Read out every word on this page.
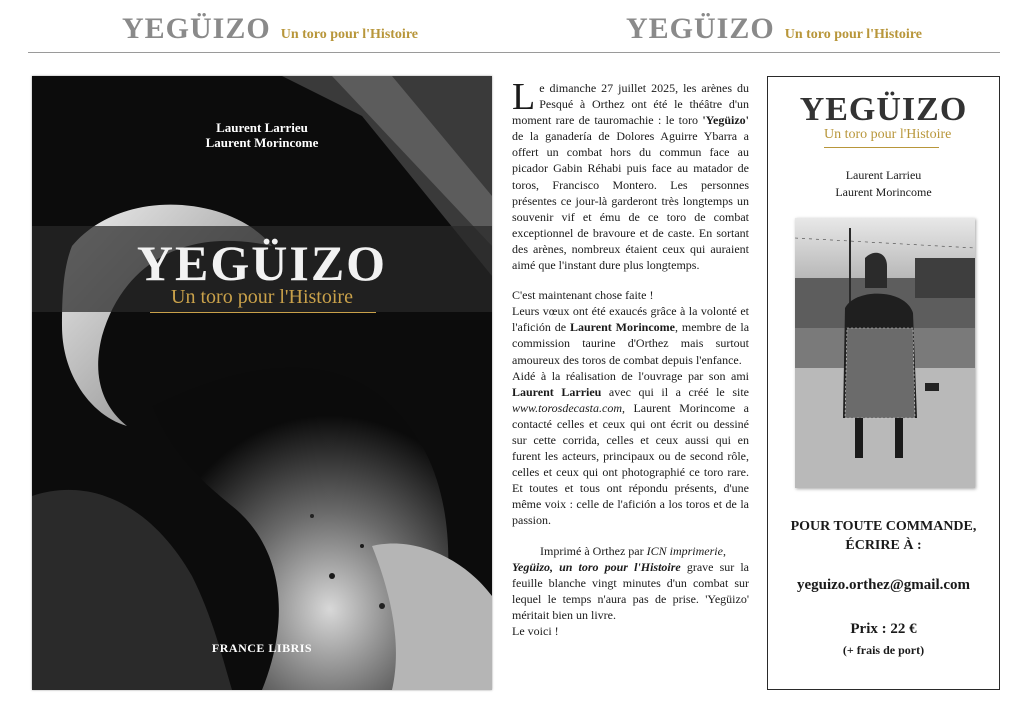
YEGÜIZO Un toro pour l'Histoire	YEGÜIZO Un toro pour l'Histoire
Laurent Larrieu
Laurent Morincome
YEGÜIZO
Un toro pour l'Histoire
FRANCE LIBRIS

Le dimanche 27 juillet 2025, les arènes du Pesqué à Orthez ont été le théâtre d'un moment rare de tauromachie : le toro 'Yegüizo' de la ganadería de Dolores Aguirre Ybarra a offert un combat hors du commun face au picador Gabin Réhabi puis face au matador de toros, Francisco Montero. Les personnes présentes ce jour-là garderont très longtemps un souvenir vif et ému de ce toro de combat exceptionnel de bravoure et de caste. En sortant des arènes, nombreux étaient ceux qui auraient aimé que l'instant dure plus longtemps.

C'est maintenant chose faite !

Leurs vœux ont été exaucés grâce à la volonté et l'afición de Laurent Morincome, membre de la commission taurine d'Orthez mais surtout amoureux des toros de combat depuis l'enfance.

Aidé à la réalisation de l'ouvrage par son ami Laurent Larrieu avec qui il a créé le site www.torosdecasta.com, Laurent Morincome a contacté celles et ceux qui ont écrit ou dessiné sur cette corrida, celles et ceux aussi qui en furent les acteurs, principaux ou de second rôle, celles et ceux qui ont photographié ce toro rare. Et toutes et tous ont répondu présents, d'une même voix : celle de l'afición a los toros et de la passion.

Imprimé à Orthez par ICN imprimerie,

Yegüizo, un toro pour l'Histoire grave sur la feuille blanche vingt minutes d'un combat sur lequel le temps n'aura pas de prise. 'Yegüizo' méritait bien un livre.

Le voici !

YEGÜIZO
Un toro pour l'Histoire
Laurent Larrieu
Laurent Morincome
POUR TOUTE COMMANDE,
ÉCRIRE À :
yeguizo.orthez@gmail.com
Prix : 22 €
(+ frais de port)
